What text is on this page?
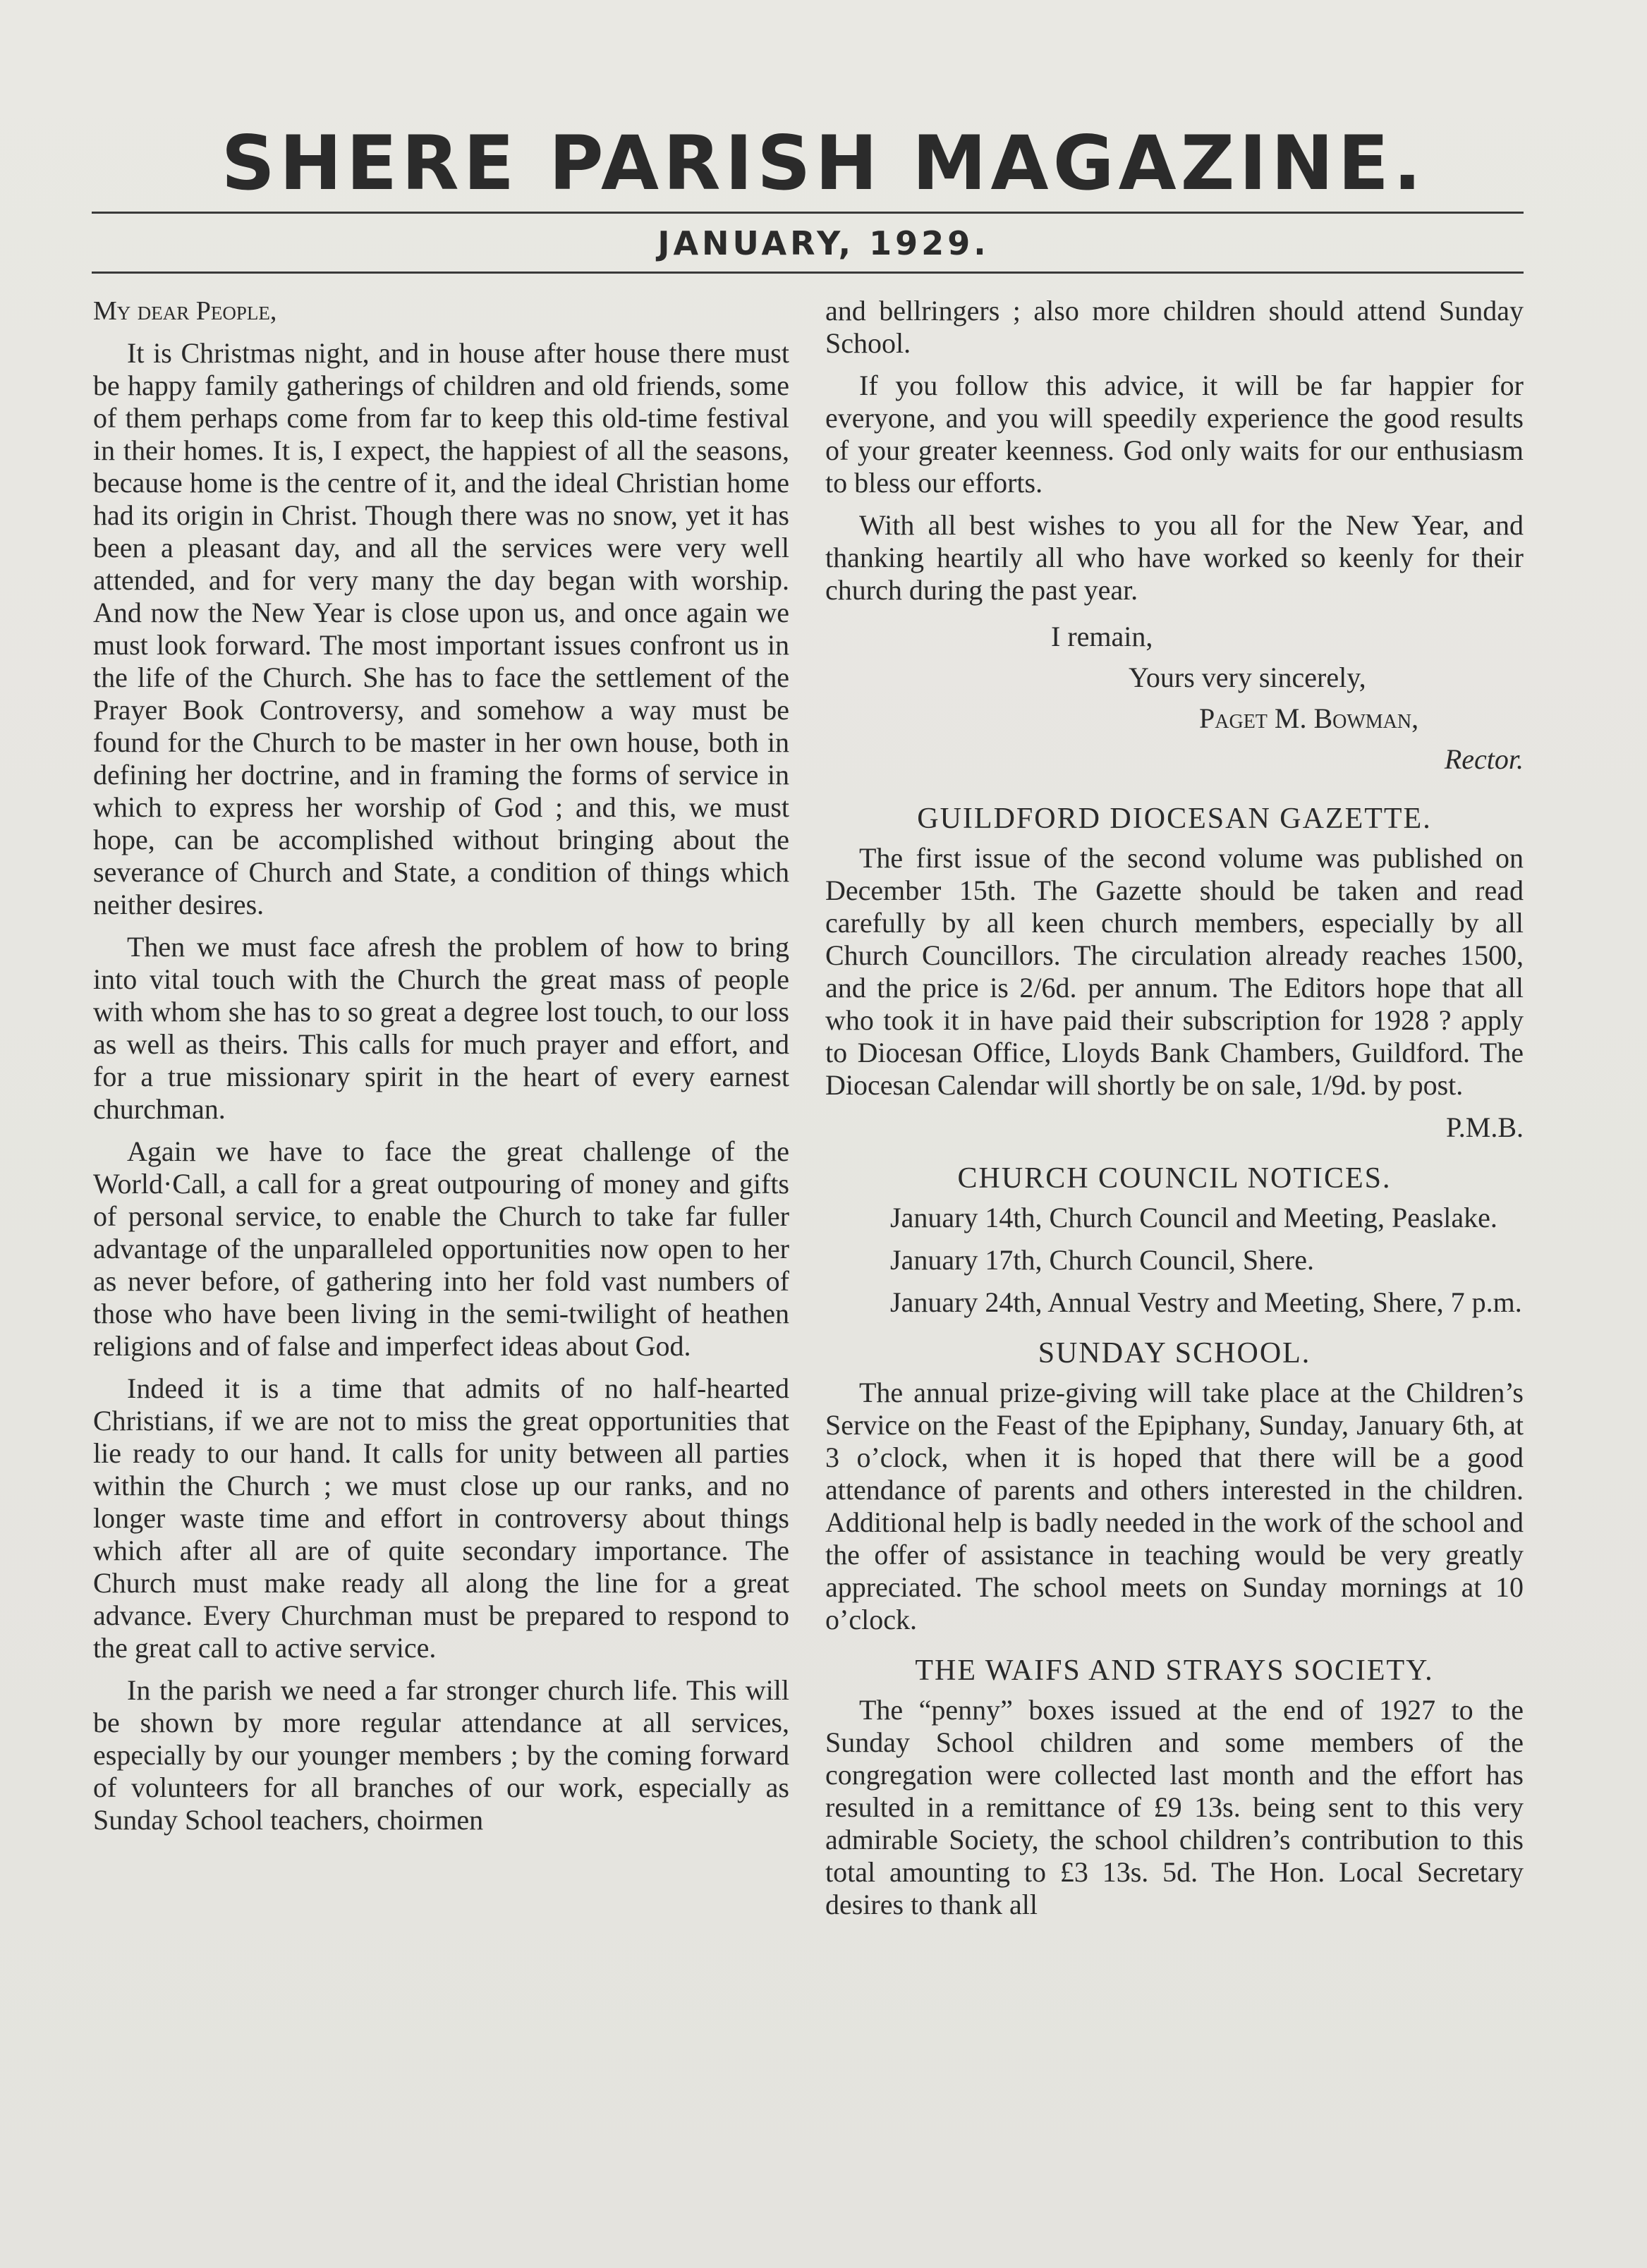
SHERE PARISH MAGAZINE.
JANUARY, 1929.

My dear People,

It is Christmas night, and in house after house there must be happy family gatherings of children and old friends, some of them perhaps come from far to keep this old-time festival in their homes. It is, I expect, the happiest of all the seasons, because home is the centre of it, and the ideal Christian home had its origin in Christ. Though there was no snow, yet it has been a pleasant day, and all the services were very well attended, and for very many the day began with worship. And now the New Year is close upon us, and once again we must look forward. The most important issues confront us in the life of the Church. She has to face the settlement of the Prayer Book Controversy, and somehow a way must be found for the Church to be master in her own house, both in defining her doctrine, and in framing the forms of service in which to express her worship of God ; and this, we must hope, can be accomplished without bringing about the severance of Church and State, a condition of things which neither desires.

Then we must face afresh the problem of how to bring into vital touch with the Church the great mass of people with whom she has to so great a degree lost touch, to our loss as well as theirs. This calls for much prayer and effort, and for a true missionary spirit in the heart of every earnest churchman.

Again we have to face the great challenge of the World·Call, a call for a great outpouring of money and gifts of personal service, to enable the Church to take far fuller advantage of the unparalleled opportunities now open to her as never before, of gathering into her fold vast numbers of those who have been living in the semi-twilight of heathen religions and of false and imperfect ideas about God.

Indeed it is a time that admits of no half-hearted Christians, if we are not to miss the great opportunities that lie ready to our hand. It calls for unity between all parties within the Church ; we must close up our ranks, and no longer waste time and effort in controversy about things which after all are of quite secondary importance. The Church must make ready all along the line for a great advance. Every Churchman must be prepared to respond to the great call to active service.

In the parish we need a far stronger church life. This will be shown by more regular attendance at all services, especially by our younger members ; by the coming forward of volunteers for all branches of our work, especially as Sunday School teachers, choirmen

and bellringers ; also more children should attend Sunday School.

If you follow this advice, it will be far happier for everyone, and you will speedily experience the good results of your greater keenness. God only waits for our enthusiasm to bless our efforts.

With all best wishes to you all for the New Year, and thanking heartily all who have worked so keenly for their church during the past year.

I remain,
Yours very sincerely,
Paget M. Bowman,
Rector.
GUILDFORD DIOCESAN GAZETTE.

The first issue of the second volume was published on December 15th. The Gazette should be taken and read carefully by all keen church members, especially by all Church Councillors. The circulation already reaches 1500, and the price is 2/6d. per annum. The Editors hope that all who took it in have paid their subscription for 1928 ? apply to Diocesan Office, Lloyds Bank Chambers, Guildford. The Diocesan Calendar will shortly be on sale, 1/9d. by post.

P.M.B.
CHURCH COUNCIL NOTICES.

January 14th, Church Council and Meeting, Peaslake.

January 17th, Church Council, Shere.

January 24th, Annual Vestry and Meeting, Shere, 7 p.m.

SUNDAY SCHOOL.

The annual prize-giving will take place at the Children’s Service on the Feast of the Epiphany, Sunday, January 6th, at 3 o’clock, when it is hoped that there will be a good attendance of parents and others interested in the children. Additional help is badly needed in the work of the school and the offer of assistance in teaching would be very greatly appreciated. The school meets on Sunday mornings at 10 o’clock.

THE WAIFS AND STRAYS SOCIETY.

The “penny” boxes issued at the end of 1927 to the Sunday School children and some members of the congregation were collected last month and the effort has resulted in a remittance of £9 13s. being sent to this very admirable Society, the school children’s contribution to this total amounting to £3 13s. 5d. The Hon. Local Secretary desires to thank all
